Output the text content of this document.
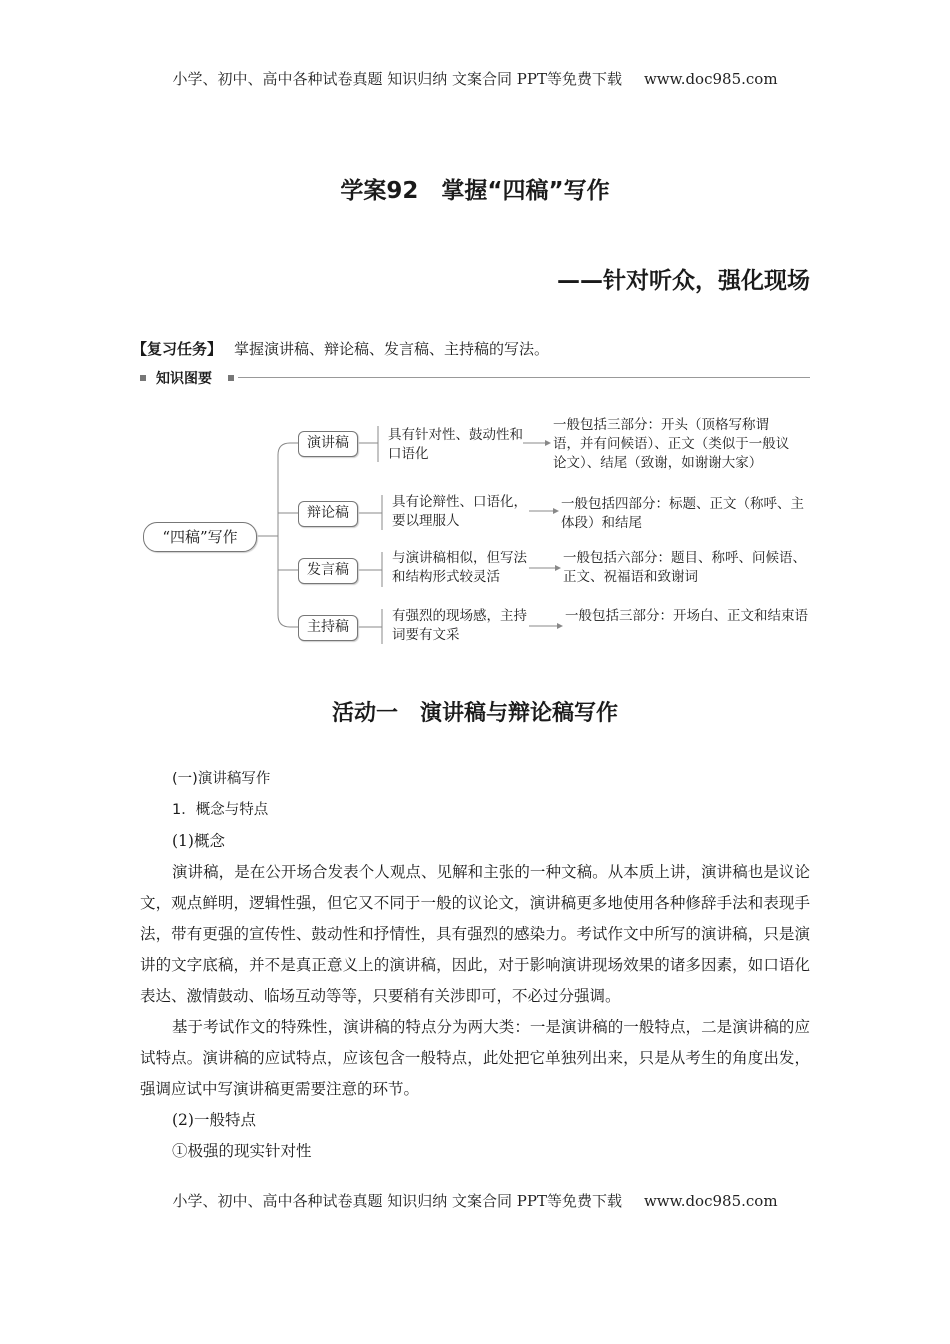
小学、初中、高中各种试卷真题 知识归纳 文案合同 PPT等免费下载 www.doc985.com
学案92　掌握“四稿”写作
——针对听众，强化现场
【复习任务】 掌握演讲稿、辩论稿、发言稿、主持稿的写法。
知识图要
“四稿”写作
演讲稿
辩论稿
发言稿
主持稿
具有针对性、鼓动性和口语化
具有论辩性、口语化，要以理服人
与演讲稿相似，但写法和结构形式较灵活
有强烈的现场感，主持词要有文采
一般包括三部分：开头（顶格写称谓语，并有问候语）、正文（类似于一般议论文）、结尾（致谢，如谢谢大家）
一般包括四部分：标题、正文（称呼、主体段）和结尾
一般包括六部分：题目、称呼、问候语、正文、祝福语和致谢词
一般包括三部分：开场白、正文和结束语
活动一　演讲稿与辩论稿写作

(一)演讲稿写作

1．概念与特点

(1)概念

演讲稿，是在公开场合发表个人观点、见解和主张的一种文稿。从本质上讲，演讲稿也是议论文，观点鲜明，逻辑性强，但它又不同于一般的议论文，演讲稿更多地使用各种修辞手法和表现手法，带有更强的宣传性、鼓动性和抒情性，具有强烈的感染力。考试作文中所写的演讲稿，只是演讲的文字底稿，并不是真正意义上的演讲稿，因此，对于影响演讲现场效果的诸多因素，如口语化表达、激情鼓动、临场互动等等，只要稍有关涉即可，不必过分强调。

基于考试作文的特殊性，演讲稿的特点分为两大类：一是演讲稿的一般特点，二是演讲稿的应试特点。演讲稿的应试特点，应该包含一般特点，此处把它单独列出来，只是从考生的角度出发，强调应试中写演讲稿更需要注意的环节。

(2)一般特点

①极强的现实针对性

小学、初中、高中各种试卷真题 知识归纳 文案合同 PPT等免费下载 www.doc985.com
